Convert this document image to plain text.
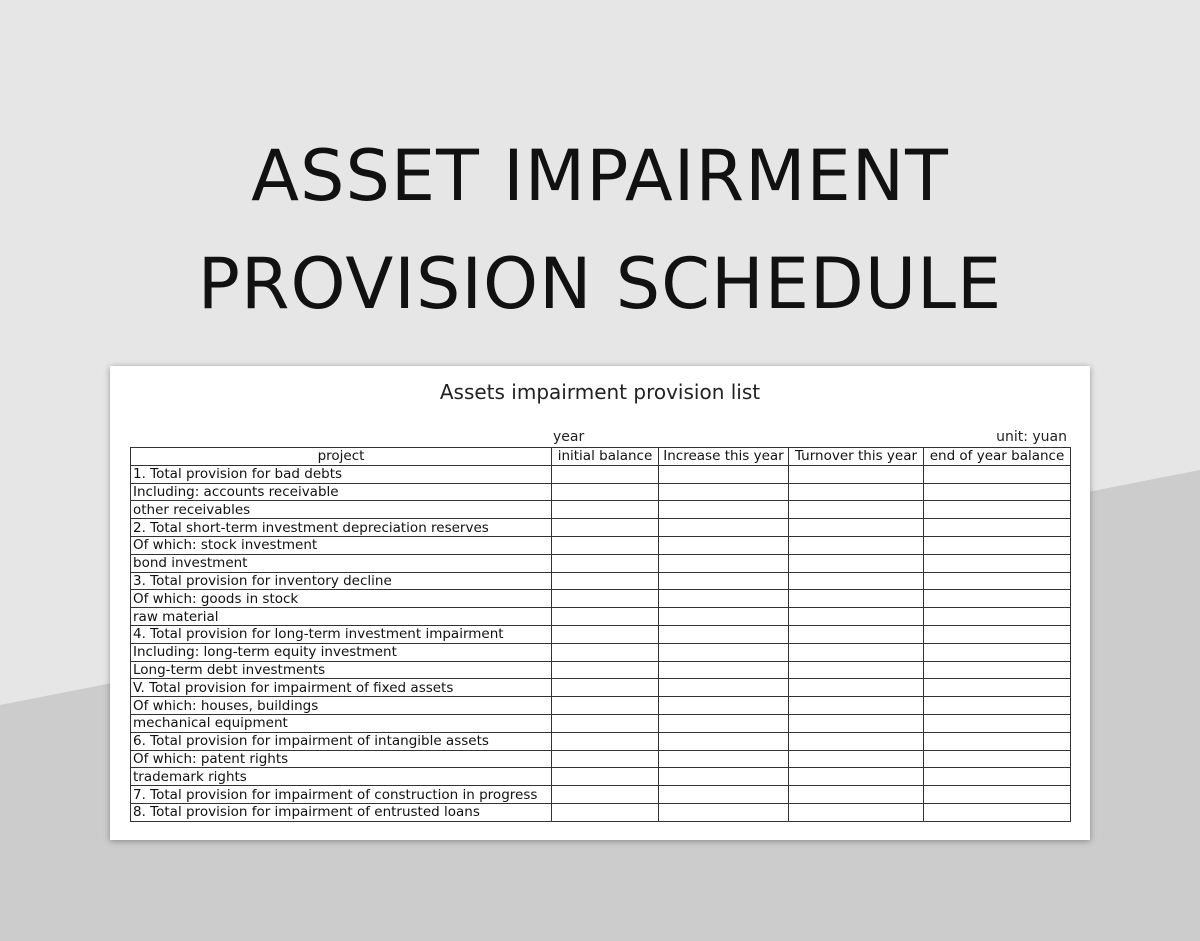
ASSET IMPAIRMENT
PROVISION SCHEDULE
Assets impairment provision list
year	unit: yuan
project	initial balance	Increase this year	Turnover this year	end of year balance
1. Total provision for bad debts				
Including: accounts receivable				
other receivables				
2. Total short-term investment depreciation reserves				
Of which: stock investment				
bond investment				
3. Total provision for inventory decline				
Of which: goods in stock				
raw material				
4. Total provision for long-term investment impairment				
Including: long-term equity investment				
Long-term debt investments				
V. Total provision for impairment of fixed assets				
Of which: houses, buildings				
mechanical equipment				
6. Total provision for impairment of intangible assets				
Of which: patent rights				
trademark rights				
7. Total provision for impairment of construction in progress				
8. Total provision for impairment of entrusted loans				
